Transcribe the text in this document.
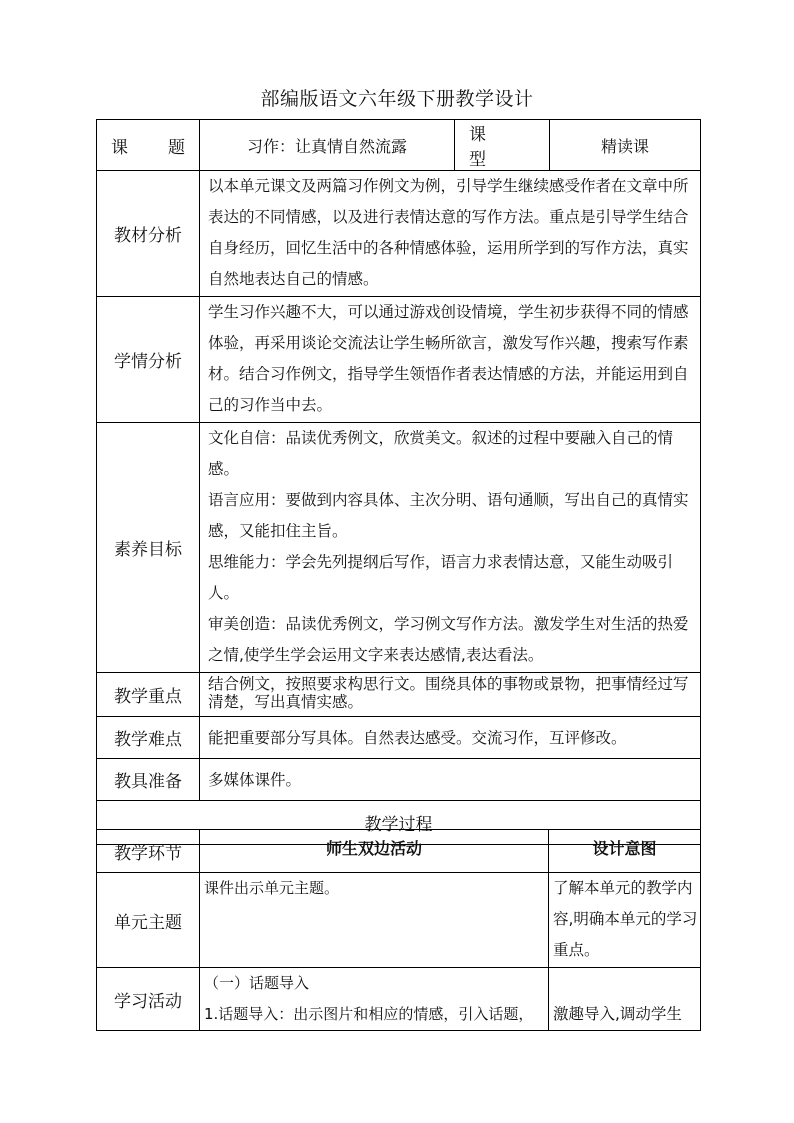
部编版语文六年级下册教学设计
课　　题	习作：让真情自然流露	课　　型	精读课
教材分析	以本单元课文及两篇习作例文为例，引导学生继续感受作者在文章中所表达的不同情感，以及进行表情达意的写作方法。重点是引导学生结合自身经历，回忆生活中的各种情感体验，运用所学到的写作方法，真实自然地表达自己的情感。		
学情分析	学生习作兴趣不大，可以通过游戏创设情境，学生初步获得不同的情感体验，再采用谈论交流法让学生畅所欲言，激发写作兴趣，搜索写作素材。结合习作例文，指导学生领悟作者表达情感的方法，并能运用到自己的习作当中去。		
素养目标	文化自信：品读优秀例文，欣赏美文。叙述的过程中要融入自己的情感。

语言应用：要做到内容具体、主次分明、语句通顺，写出自己的真情实感，又能扣住主旨。

思维能力：学会先列提纲后写作，语言力求表情达意，又能生动吸引人。

审美创造：品读优秀例文，学习例文写作方法。激发学生对生活的热爱之情,使学生学会运用文字来表达感情,表达看法。		

教学重点	结合例文，按照要求构思行文。围绕具体的事物或景物，把事情经过写清楚，写出真情实感。		
教学难点	能把重要部分写具体。自然表达感受。交流习作，互评修改。		
教具准备	多媒体课件。		
教学过程			
教学环节	师生双边活动	设计意图
单元主题	课件出示单元主题。	了解本单元的教学内容,明确本单元的学习重点。
学习活动	（一）话题导入
1.话题导入：出示图片和相应的情感，引入话题，	激趣导入,调动学生
